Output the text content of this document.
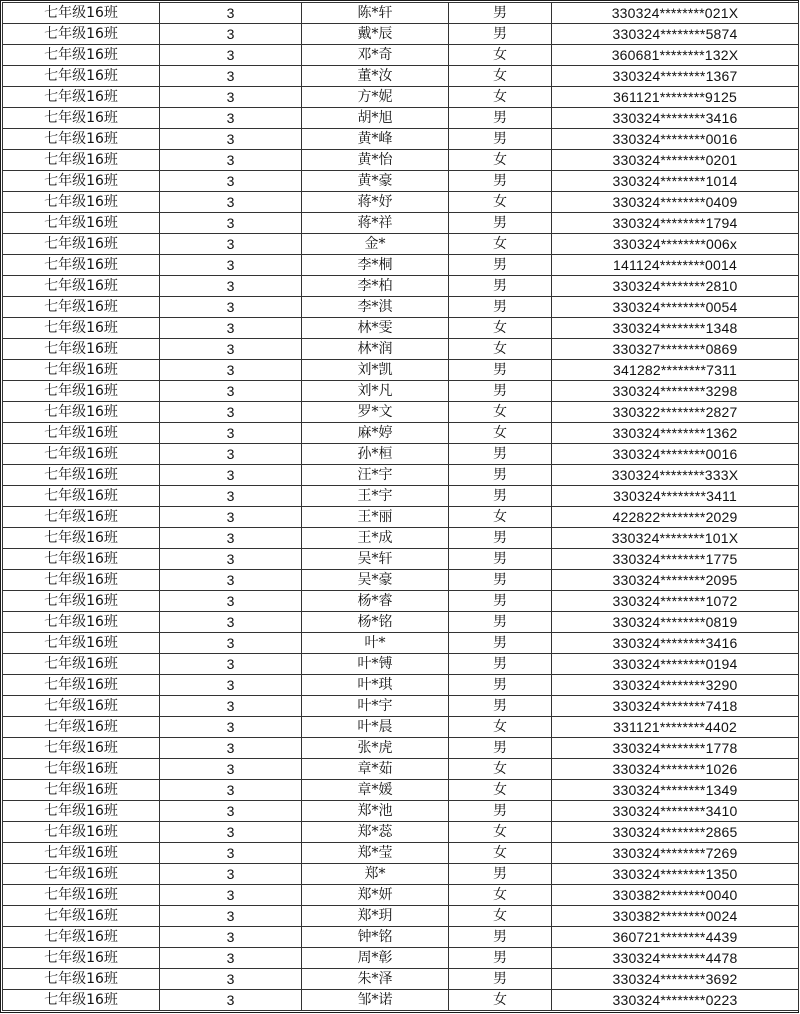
七年级16班	3	陈*轩	男	330324********021X
七年级16班	3	戴*辰	男	330324********5874
七年级16班	3	邓*奇	女	360681********132X
七年级16班	3	董*汝	女	330324********1367
七年级16班	3	方*妮	女	361121********9125
七年级16班	3	胡*旭	男	330324********3416
七年级16班	3	黄*峰	男	330324********0016
七年级16班	3	黄*怡	女	330324********0201
七年级16班	3	黄*豪	男	330324********1014
七年级16班	3	蒋*妤	女	330324********0409
七年级16班	3	蒋*祥	男	330324********1794
七年级16班	3	金*	女	330324********006x
七年级16班	3	李*桐	男	141124********0014
七年级16班	3	李*柏	男	330324********2810
七年级16班	3	李*淇	男	330324********0054
七年级16班	3	林*雯	女	330324********1348
七年级16班	3	林*润	女	330327********0869
七年级16班	3	刘*凯	男	341282********7311
七年级16班	3	刘*凡	男	330324********3298
七年级16班	3	罗*文	女	330322********2827
七年级16班	3	麻*婷	女	330324********1362
七年级16班	3	孙*桓	男	330324********0016
七年级16班	3	汪*宇	男	330324********333X
七年级16班	3	王*宇	男	330324********3411
七年级16班	3	王*丽	女	422822********2029
七年级16班	3	王*成	男	330324********101X
七年级16班	3	吴*轩	男	330324********1775
七年级16班	3	吴*豪	男	330324********2095
七年级16班	3	杨*睿	男	330324********1072
七年级16班	3	杨*铭	男	330324********0819
七年级16班	3	叶*	男	330324********3416
七年级16班	3	叶*镈	男	330324********0194
七年级16班	3	叶*琪	男	330324********3290
七年级16班	3	叶*宇	男	330324********7418
七年级16班	3	叶*晨	女	331121********4402
七年级16班	3	张*虎	男	330324********1778
七年级16班	3	章*茹	女	330324********1026
七年级16班	3	章*媛	女	330324********1349
七年级16班	3	郑*池	男	330324********3410
七年级16班	3	郑*蕊	女	330324********2865
七年级16班	3	郑*莹	女	330324********7269
七年级16班	3	郑*	男	330324********1350
七年级16班	3	郑*妍	女	330382********0040
七年级16班	3	郑*玥	女	330382********0024
七年级16班	3	钟*铭	男	360721********4439
七年级16班	3	周*彰	男	330324********4478
七年级16班	3	朱*泽	男	330324********3692
七年级16班	3	邹*诺	女	330324********0223
